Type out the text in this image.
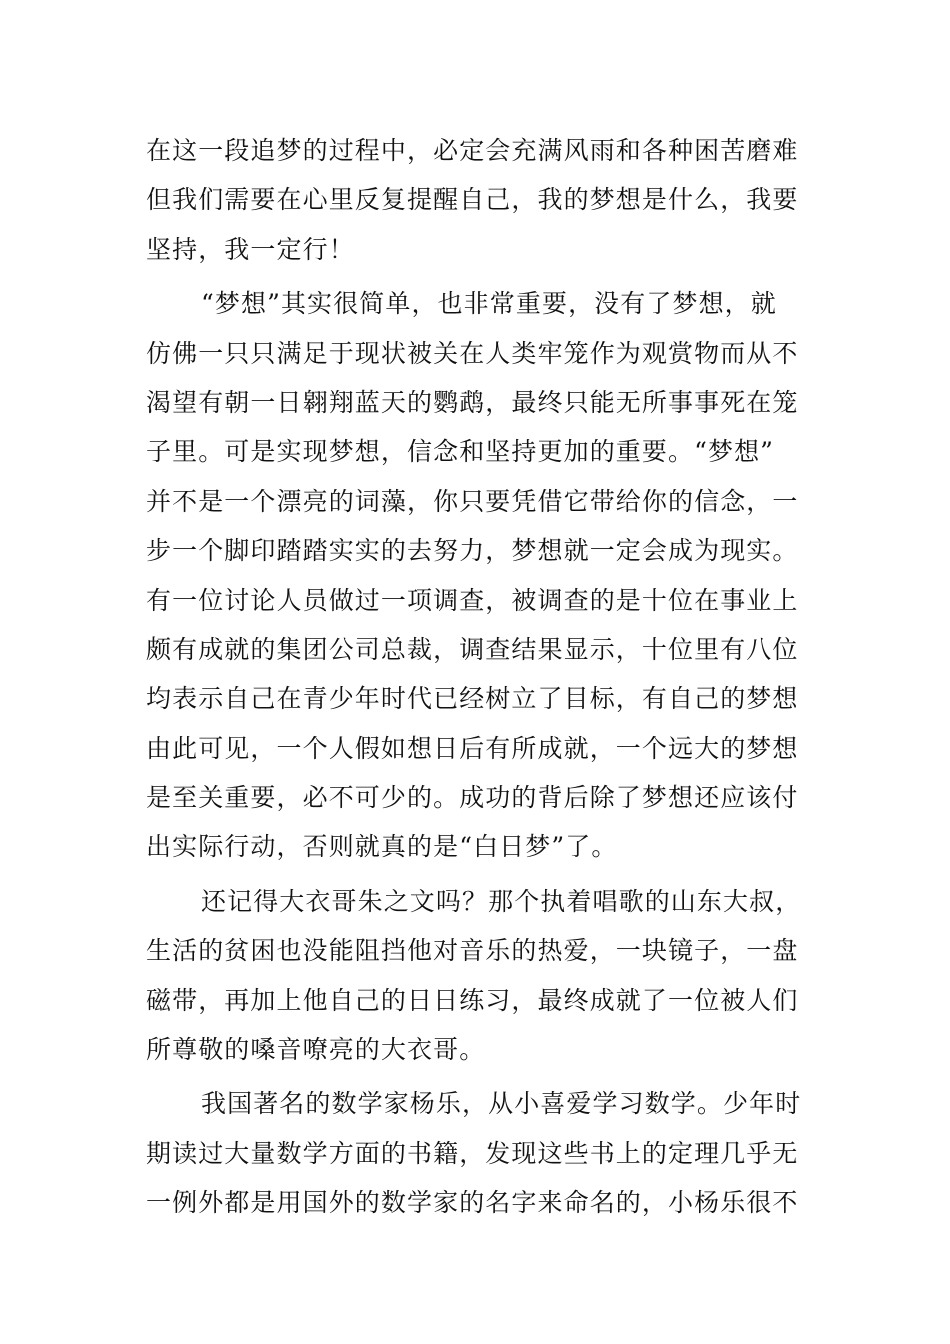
在这一段追梦的过程中，必定会充满风雨和各种困苦磨难
但我们需要在心里反复提醒自己，我的梦想是什么，我要
坚持，我一定行！
“梦想”其实很简单，也非常重要，没有了梦想，就
仿佛一只只满足于现状被关在人类牢笼作为观赏物而从不
渴望有朝一日翱翔蓝天的鹦鹉，最终只能无所事事死在笼
子里。可是实现梦想，信念和坚持更加的重要。“梦想”
并不是一个漂亮的词藻，你只要凭借它带给你的信念，一
步一个脚印踏踏实实的去努力，梦想就一定会成为现实。
有一位讨论人员做过一项调查，被调查的是十位在事业上
颇有成就的集团公司总裁，调查结果显示，十位里有八位
均表示自己在青少年时代已经树立了目标，有自己的梦想
由此可见，一个人假如想日后有所成就，一个远大的梦想
是至关重要，必不可少的。成功的背后除了梦想还应该付
出实际行动，否则就真的是“白日梦”了。
还记得大衣哥朱之文吗？那个执着唱歌的山东大叔，
生活的贫困也没能阻挡他对音乐的热爱，一块镜子，一盘
磁带，再加上他自己的日日练习，最终成就了一位被人们
所尊敬的嗓音嘹亮的大衣哥。
我国著名的数学家杨乐，从小喜爱学习数学。少年时
期读过大量数学方面的书籍，发现这些书上的定理几乎无
一例外都是用国外的数学家的名字来命名的，小杨乐很不
